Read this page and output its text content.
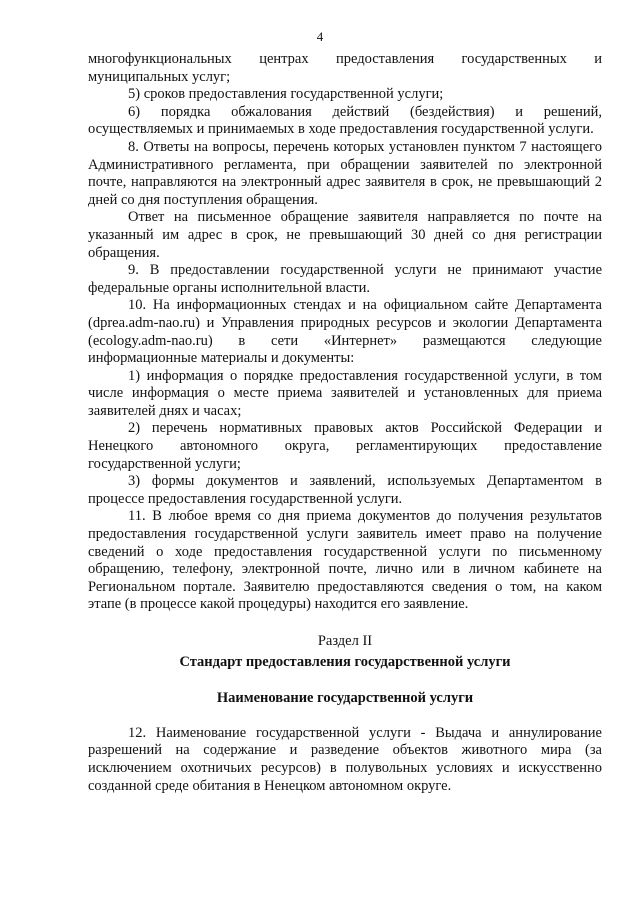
4

многофункциональных центрах предоставления государственных и муниципальных услуг;

5) сроков предоставления государственной услуги;

6) порядка обжалования действий (бездействия) и решений, осуществляемых и принимаемых в ходе предоставления государственной услуги.

8. Ответы на вопросы, перечень которых установлен пунктом 7 настоящего Административного регламента, при обращении заявителей по электронной почте, направляются на электронный адрес заявителя в срок, не превышающий 2 дней со дня поступления обращения.

Ответ на письменное обращение заявителя направляется по почте на указанный им адрес в срок, не превышающий 30 дней со дня регистрации обращения.

9. В предоставлении государственной услуги не принимают участие федеральные органы исполнительной власти.

10. На информационных стендах и на официальном сайте Департамента (dprea.adm-nao.ru) и Управления природных ресурсов и экологии Департамента (ecology.adm-nao.ru) в сети «Интернет» размещаются следующие информационные материалы и документы:

1) информация о порядке предоставления государственной услуги, в том числе информация о месте приема заявителей и установленных для приема заявителей днях и часах;

2) перечень нормативных правовых актов Российской Федерации и Ненецкого автономного округа, регламентирующих предоставление государственной услуги;

3) формы документов и заявлений, используемых Департаментом в процессе предоставления государственной услуги.

11. В любое время со дня приема документов до получения результатов предоставления государственной услуги заявитель имеет право на получение сведений о ходе предоставления государственной услуги по письменному обращению, телефону, электронной почте, лично или в личном кабинете на Региональном портале. Заявителю предоставляются сведения о том, на каком этапе (в процессе какой процедуры) находится его заявление.

Раздел II

Стандарт предоставления государственной услуги

Наименование государственной услуги

12. Наименование государственной услуги - Выдача и аннулирование разрешений на содержание и разведение объектов животного мира (за исключением охотничьих ресурсов) в полувольных условиях и искусственно созданной среде обитания в Ненецком автономном округе.
